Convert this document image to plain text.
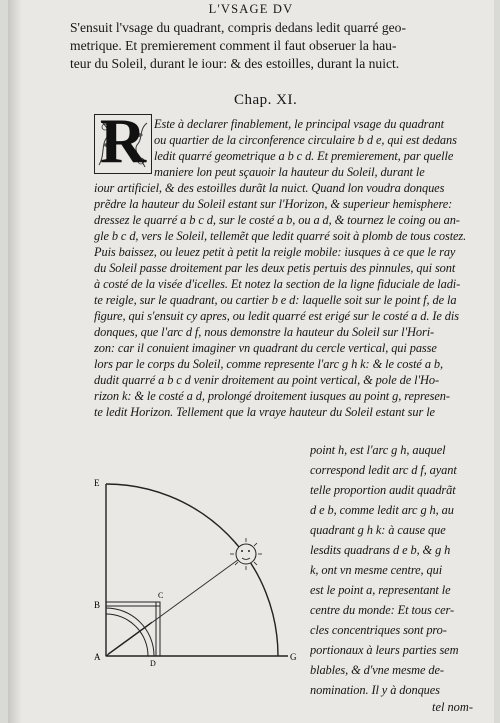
L'VSAGE DV
S'ensuit l'vsage du quadrant, compris dedans ledit quarré geo-
metrique. Et premierement comment il faut obseruer la hau-
teur du Soleil, durant le iour: & des estoilles, durant la nuict.
Chap. XI.
R Este à declarer finablement, le principal vsage du quadrant
ou quartier de la circonference circulaire b d e, qui est dedans
ledit quarré geometrique a b c d. Et premierement, par quelle
maniere lon peut sçauoir la hauteur du Soleil, durant le
iour artificiel, & des estoilles durãt la nuict. Quand lon voudra donques
prẽdre la hauteur du Soleil estant sur l'Horizon, & superieur hemisphere:
dressez le quarré a b c d, sur le costé a b, ou a d, & tournez le coing ou an-
gle b c d, vers le Soleil, tellemẽt que ledit quarré soit à plomb de tous costez.
Puis baissez, ou leuez petit à petit la reigle mobile: iusques à ce que le ray
du Soleil passe droitement par les deux petis pertuis des pinnules, qui sont
à costé de la visée d'icelles. Et notez la section de la ligne fiduciale de ladi-
te reigle, sur le quadrant, ou cartier b e d: laquelle soit sur le point f, de la
figure, qui s'ensuit cy apres, ou ledit quarré est erigé sur le costé a d. Ie dis
donques, que l'arc d f, nous demonstre la hauteur du Soleil sur l'Hori-
zon: car il conuient imaginer vn quadrant du cercle vertical, qui passe
lors par le corps du Soleil, comme represente l'arc g h k: & le costé a b,
dudit quarré a b c d venir droitement au point vertical, & pole de l'Ho-
rizon k: & le costé a d, prolongé droitement iusques au point g, represen-
te ledit Horizon. Tellement que la vraye hauteur du Soleil estant sur le
point h, est l'arc g h, auquel
correspond ledit arc d f, ayant
telle proportion audit quadrãt
d e b, comme ledit arc g h, au
quadrant g h k: à cause que
lesdits quadrans d e b, & g h
k, ont vn mesme centre, qui
est le point a, representant le
centre du monde: Et tous cer-
cles concentriques sont pro-
portionaux à leurs parties sem
blables, & d'vne mesme de-
nomination. Il y à donques
tel nom-
E
B
C
A
D
G
